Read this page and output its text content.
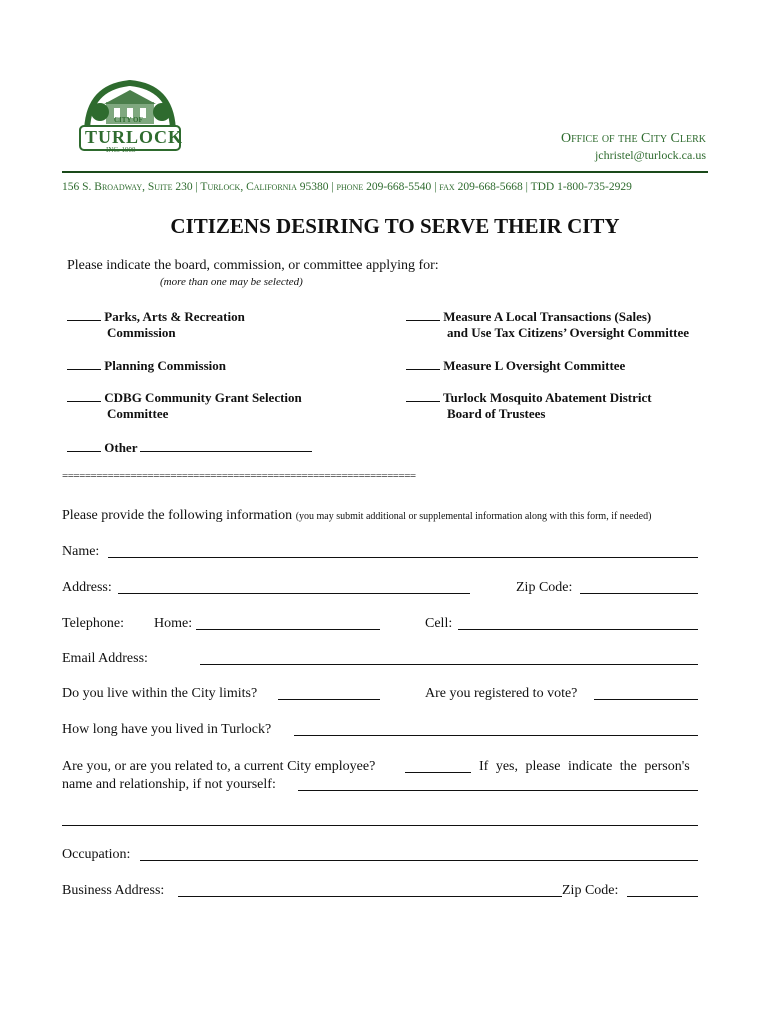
CITY OF
TURLOCK
INC. 1908
Office of the City Clerk
jchristel@turlock.ca.us
156 S. Broadway, Suite 230 | Turlock, California 95380 | phone 209-668-5540 | fax 209-668-5668 | TDD 1-800-735-2929
CITIZENS DESIRING TO SERVE THEIR CITY
Please indicate the board, commission, or committee applying for:
(more than one may be selected)
Parks, Arts & Recreation
Commission
Planning Commission
CDBG Community Grant Selection
Committee
Other
Measure A Local Transactions (Sales)
and Use Tax Citizens’ Oversight Committee
Measure L Oversight Committee
Turlock Mosquito Abatement District
Board of Trustees
==============================================================
Please provide the following information (you may submit additional or supplemental information along with this form, if needed)
Name:
Address:	Zip Code:
Telephone: Home:	Cell:
Email Address:
Do you live within the City limits?	Are you registered to vote?
How long have you lived in Turlock?
Are you, or are you related to, a current City employee?	If yes, please indicate the person's
name and relationship, if not yourself:
Occupation:
Business Address:	Zip Code:
